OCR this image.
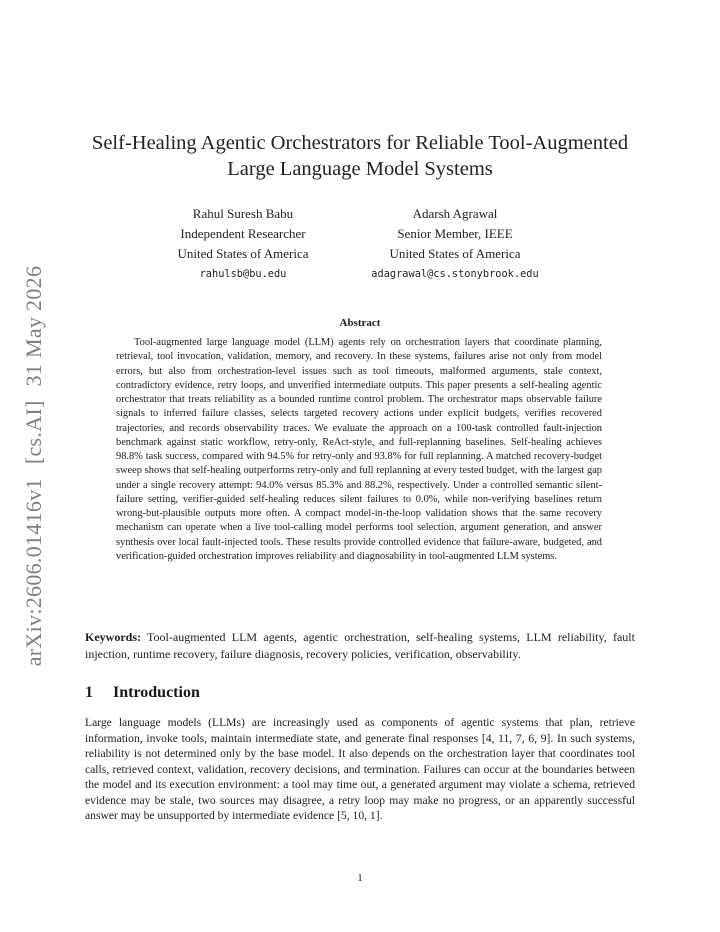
arXiv:2606.01416v1[cs.AI]31 May 2026
Self-Healing Agentic Orchestrators for Reliable Tool-Augmented
Large Language Model Systems
Rahul Suresh Babu
Independent Researcher
United States of America
rahulsb@bu.edu
Adarsh Agrawal
Senior Member, IEEE
United States of America
adagrawal@cs.stonybrook.edu
Abstract
Tool-augmented large language model (LLM) agents rely on orchestration layers that coordinate planning, retrieval, tool invocation, validation, memory, and recovery. In these systems, failures arise not only from model errors, but also from orchestration-level issues such as tool timeouts, malformed arguments, stale context, contradictory evidence, retry loops, and unverified intermediate outputs. This paper presents a self-healing agentic orchestrator that treats reliability as a bounded runtime control problem. The orchestrator maps observable failure signals to inferred failure classes, selects targeted recovery actions under explicit budgets, verifies recovered trajectories, and records observability traces. We evaluate the approach on a 100-task controlled fault-injection benchmark against static workflow, retry-only, ReAct-style, and full-replanning baselines. Self-healing achieves 98.8% task success, compared with 94.5% for retry-only and 93.8% for full replanning. A matched recovery-budget sweep shows that self-healing outperforms retry-only and full replanning at every tested budget, with the largest gap under a single recovery attempt: 94.0% versus 85.3% and 88.2%, respectively. Under a controlled semantic silent-failure setting, verifier-guided self-healing reduces silent failures to 0.0%, while non-verifying baselines return wrong-but-plausible outputs more often. A compact model-in-the-loop validation shows that the same recovery mechanism can operate when a live tool-calling model performs tool selection, argument generation, and answer synthesis over local fault-injected tools. These results provide controlled evidence that failure-aware, budgeted, and verification-guided orchestration improves reliability and diagnosability in tool-augmented LLM systems.
Keywords: Tool-augmented LLM agents, agentic orchestration, self-healing systems, LLM reliability, fault injection, runtime recovery, failure diagnosis, recovery policies, verification, observability.
1 Introduction
Large language models (LLMs) are increasingly used as components of agentic systems that plan, retrieve information, invoke tools, maintain intermediate state, and generate final responses [4, 11, 7, 6, 9]. In such systems, reliability is not determined only by the base model. It also depends on the orchestration layer that coordinates tool calls, retrieved context, validation, recovery decisions, and termination. Failures can occur at the boundaries between the model and its execution environment: a tool may time out, a generated argument may violate a schema, retrieved evidence may be stale, two sources may disagree, a retry loop may make no progress, or an apparently successful answer may be unsupported by intermediate evidence [5, 10, 1].
1
